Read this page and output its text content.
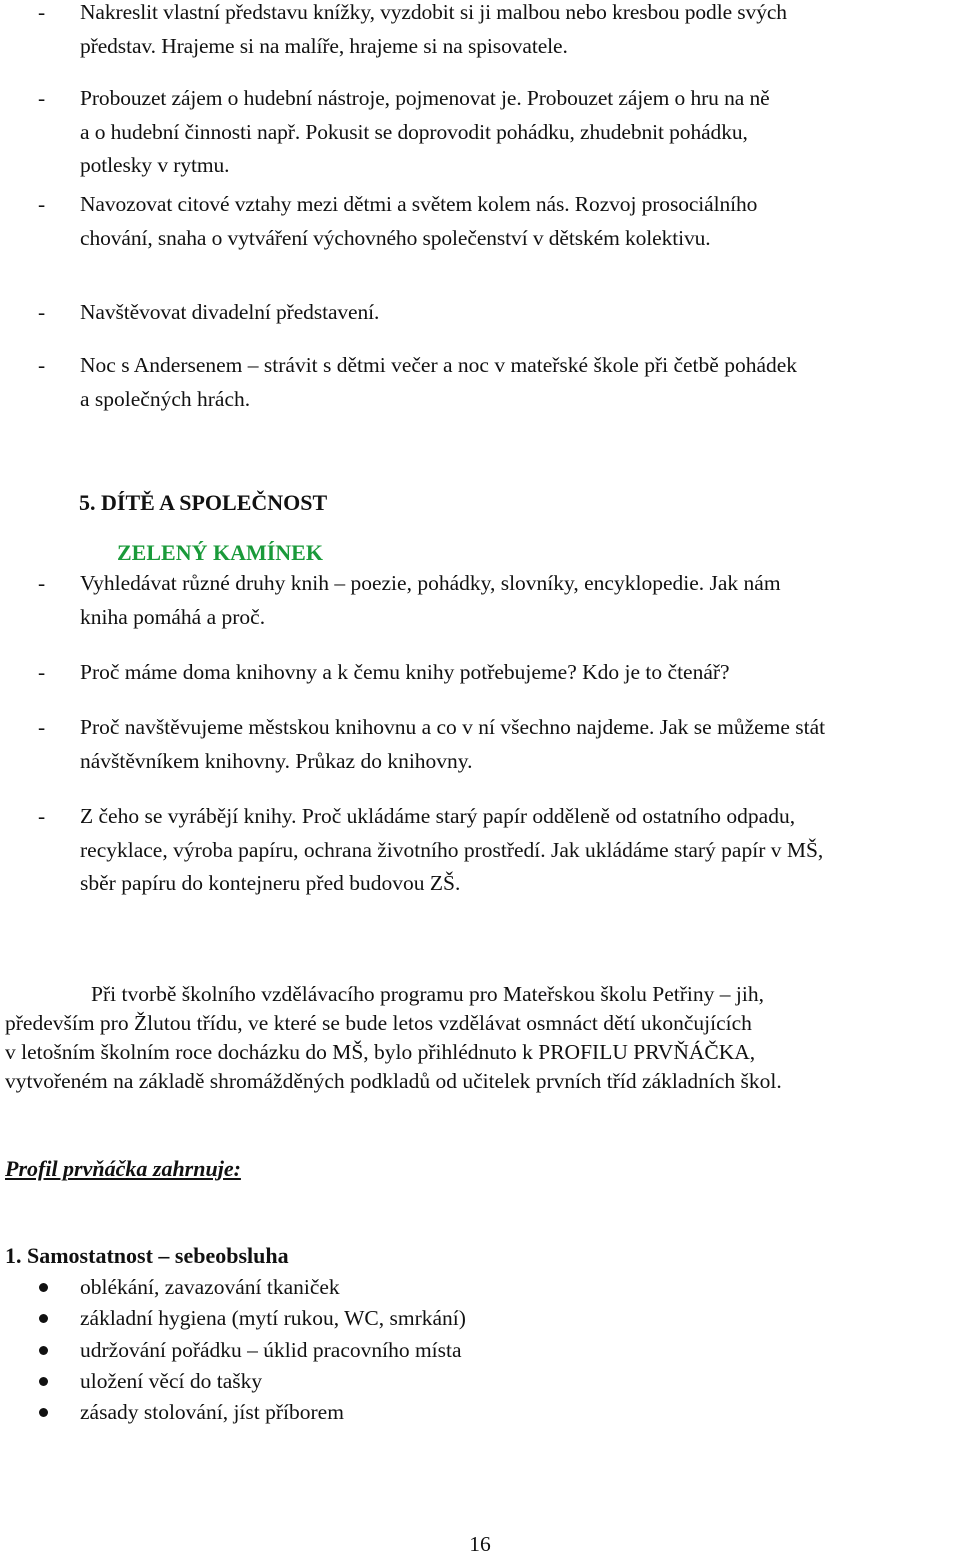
-	Nakreslit vlastní představu knížky, vyzdobit si ji malbou nebo kresbou podle svých
představ. Hrajeme si na malíře, hrajeme si na spisovatele.
-	Probouzet zájem o hudební nástroje, pojmenovat je. Probouzet zájem o hru na ně
a o hudební činnosti např. Pokusit se doprovodit pohádku, zhudebnit pohádku,
potlesky v rytmu.
-	Navozovat citové vztahy mezi dětmi a světem kolem nás. Rozvoj prosociálního
chování, snaha o vytváření výchovného společenství v dětském kolektivu.
-	Navštěvovat divadelní představení.
-	Noc s Andersenem – strávit s dětmi večer a noc v mateřské škole při četbě pohádek
a společných hrách.
5. DÍTĚ A SPOLEČNOST
ZELENÝ KAMÍNEK
-	Vyhledávat různé druhy knih – poezie, pohádky, slovníky, encyklopedie. Jak nám
kniha pomáhá a proč.
-	Proč máme doma knihovny a k čemu knihy potřebujeme? Kdo je to čtenář?
-	Proč navštěvujeme městskou knihovnu a co v ní všechno najdeme. Jak se můžeme stát
návštěvníkem knihovny. Průkaz do knihovny.
-	Z čeho se vyrábějí knihy. Proč ukládáme starý papír odděleně od ostatního odpadu,
recyklace, výroba papíru, ochrana životního prostředí. Jak ukládáme starý papír v MŠ,
sběr papíru do kontejneru před budovou ZŠ.
Při tvorbě školního vzdělávacího programu pro Mateřskou školu Petřiny – jih,
především pro Žlutou třídu, ve které se bude letos vzdělávat osmnáct dětí ukončujících
v letošním školním roce docházku do MŠ, bylo přihlédnuto k PROFILU PRVŇÁČKA,
vytvořeném na základě shromážděných podkladů od učitelek prvních tříd základních škol.
Profil prvňáčka zahrnuje:
1. Samostatnost – sebeobsluha
oblékání, zavazování tkaniček
základní hygiena (mytí rukou, WC, smrkání)
udržování pořádku – úklid pracovního místa
uložení věcí do tašky
zásady stolování, jíst příborem
16
